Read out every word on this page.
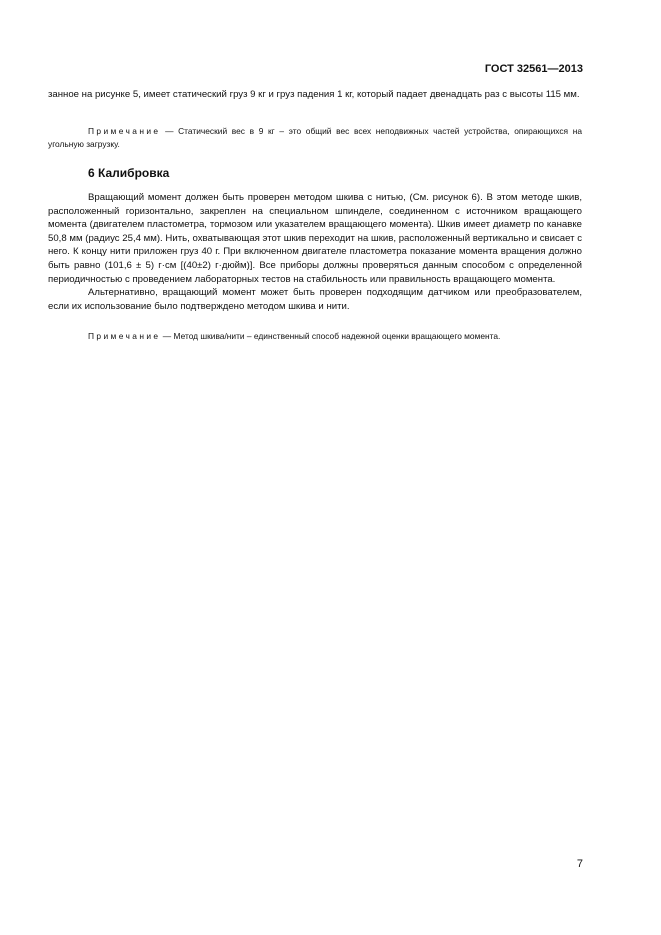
ГОСТ 32561—2013
занное на рисунке 5, имеет статический груз 9 кг и груз падения 1 кг, который падает двенадцать раз с высоты 115 мм.
Примечание — Статический вес в 9 кг – это общий вес всех неподвижных частей устройства, опирающихся на угольную загрузку.
6 Калибровка

Вращающий момент должен быть проверен методом шкива с нитью, (См. рисунок 6). В этом методе шкив, расположенный горизонтально, закреплен на специальном шпинделе, соединенном с источником вращающего момента (двигателем пластометра, тормозом или указателем вращающего момента). Шкив имеет диаметр по канавке 50,8 мм (радиус 25,4 мм). Нить, охватывающая этот шкив переходит на шкив, расположенный вертикально и свисает с него. К концу нити приложен груз 40 г. При включенном двигателе пластометра показание момента вращения должно быть равно (101,6 ± 5) г·см [(40±2) г·дюйм)]. Все приборы должны проверяться данным способом с определенной периодичностью с проведением лабораторных тестов на стабильность или правильность вращающего момента.

Альтернативно, вращающий момент может быть проверен подходящим датчиком или преобразователем, если их использование было подтверждено методом шкива и нити.

Примечание — Метод шкива/нити – единственный способ надежной оценки вращающего момента.
7
